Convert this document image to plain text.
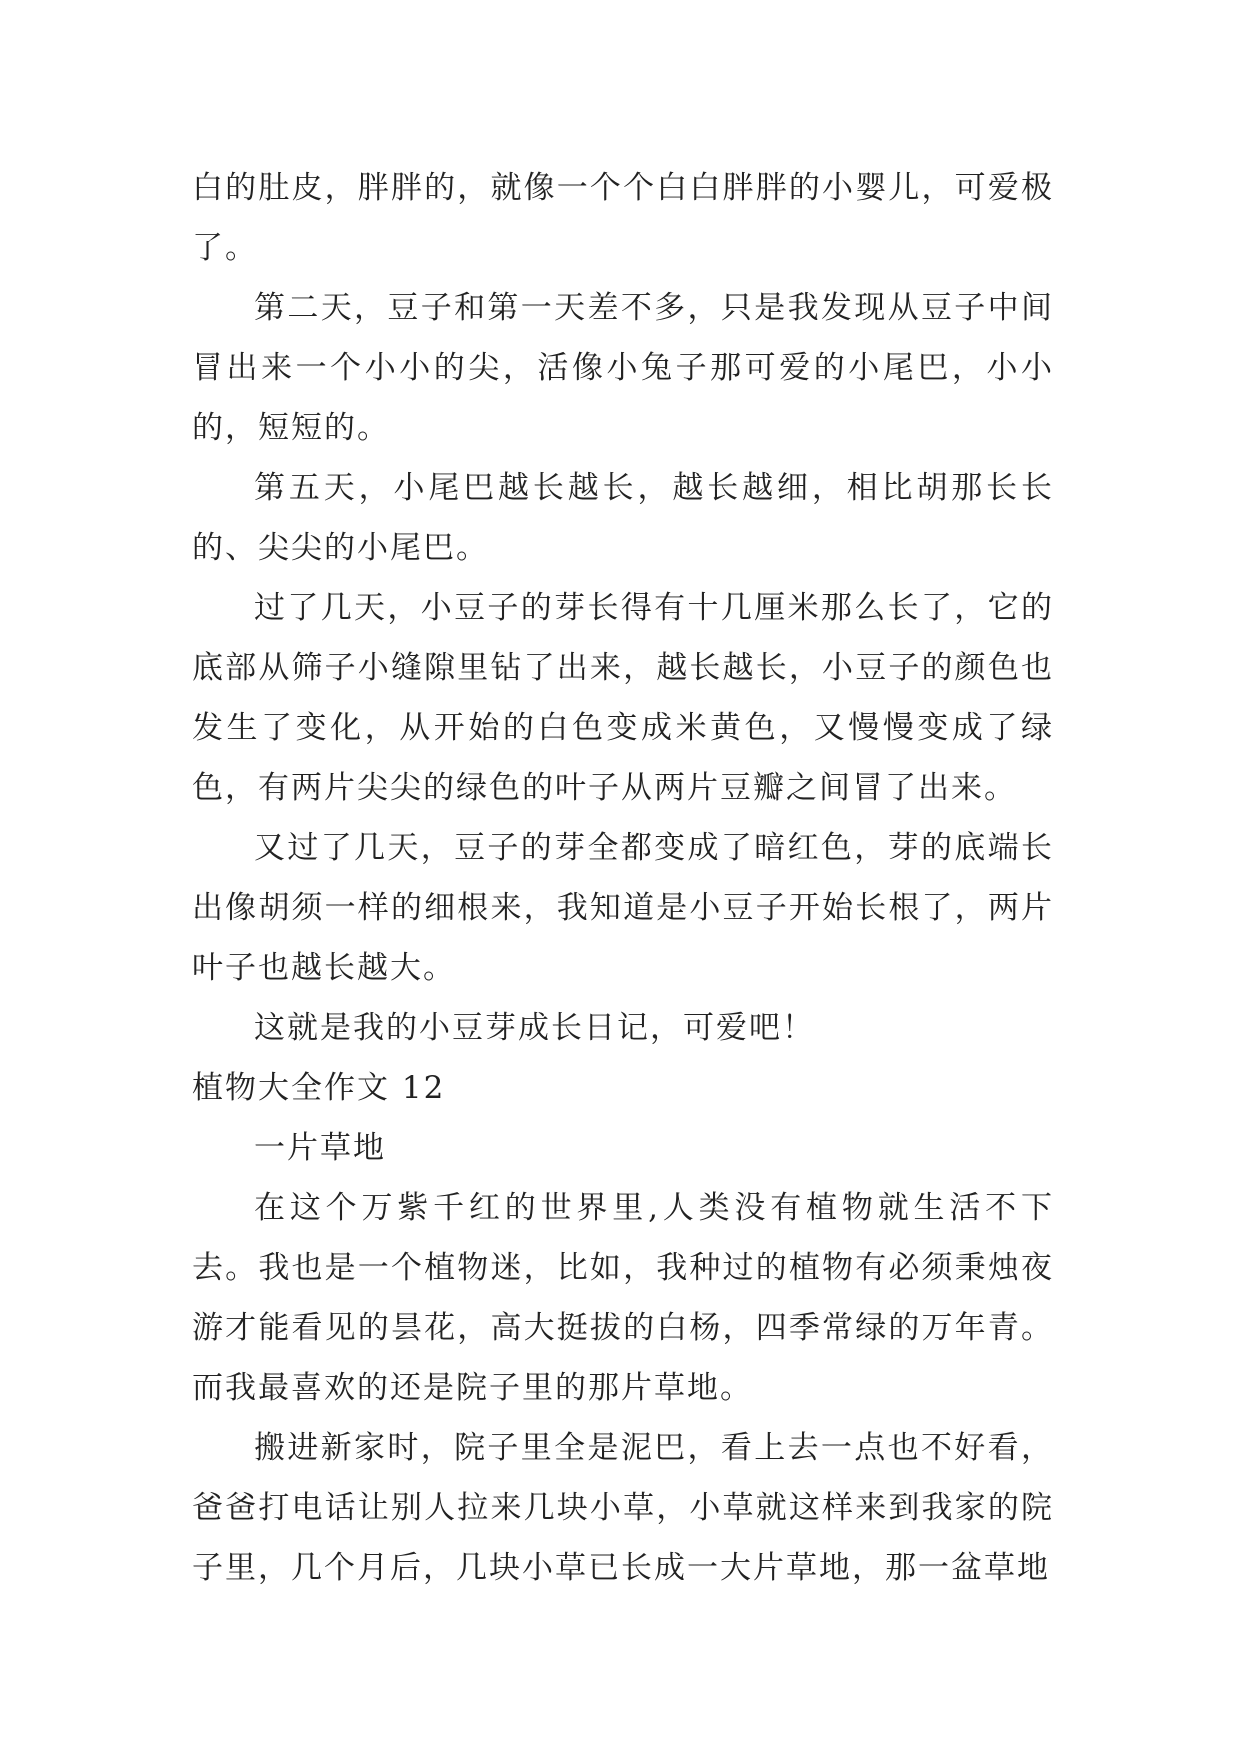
白的肚皮，胖胖的，就像一个个白白胖胖的小婴儿，可爱极了。

第二天，豆子和第一天差不多，只是我发现从豆子中间冒出来一个小小的尖，活像小兔子那可爱的小尾巴，小小的，短短的。

第五天，小尾巴越长越长，越长越细，相比胡那长长的、尖尖的小尾巴。

过了几天，小豆子的芽长得有十几厘米那么长了，它的底部从筛子小缝隙里钻了出来，越长越长，小豆子的颜色也发生了变化，从开始的白色变成米黄色，又慢慢变成了绿色，有两片尖尖的绿色的叶子从两片豆瓣之间冒了出来。

又过了几天，豆子的芽全都变成了暗红色，芽的底端长出像胡须一样的细根来，我知道是小豆子开始长根了，两片叶子也越长越大。

这就是我的小豆芽成长日记，可爱吧！

植物大全作文 12

一片草地

在这个万紫千红的世界里,人类没有植物就生活不下去。我也是一个植物迷，比如，我种过的植物有必须秉烛夜游才能看见的昙花，高大挺拔的白杨，四季常绿的万年青。而我最喜欢的还是院子里的那片草地。

搬进新家时，院子里全是泥巴，看上去一点也不好看，爸爸打电话让别人拉来几块小草，小草就这样来到我家的院子里，几个月后，几块小草已长成一大片草地，那一盆草地
